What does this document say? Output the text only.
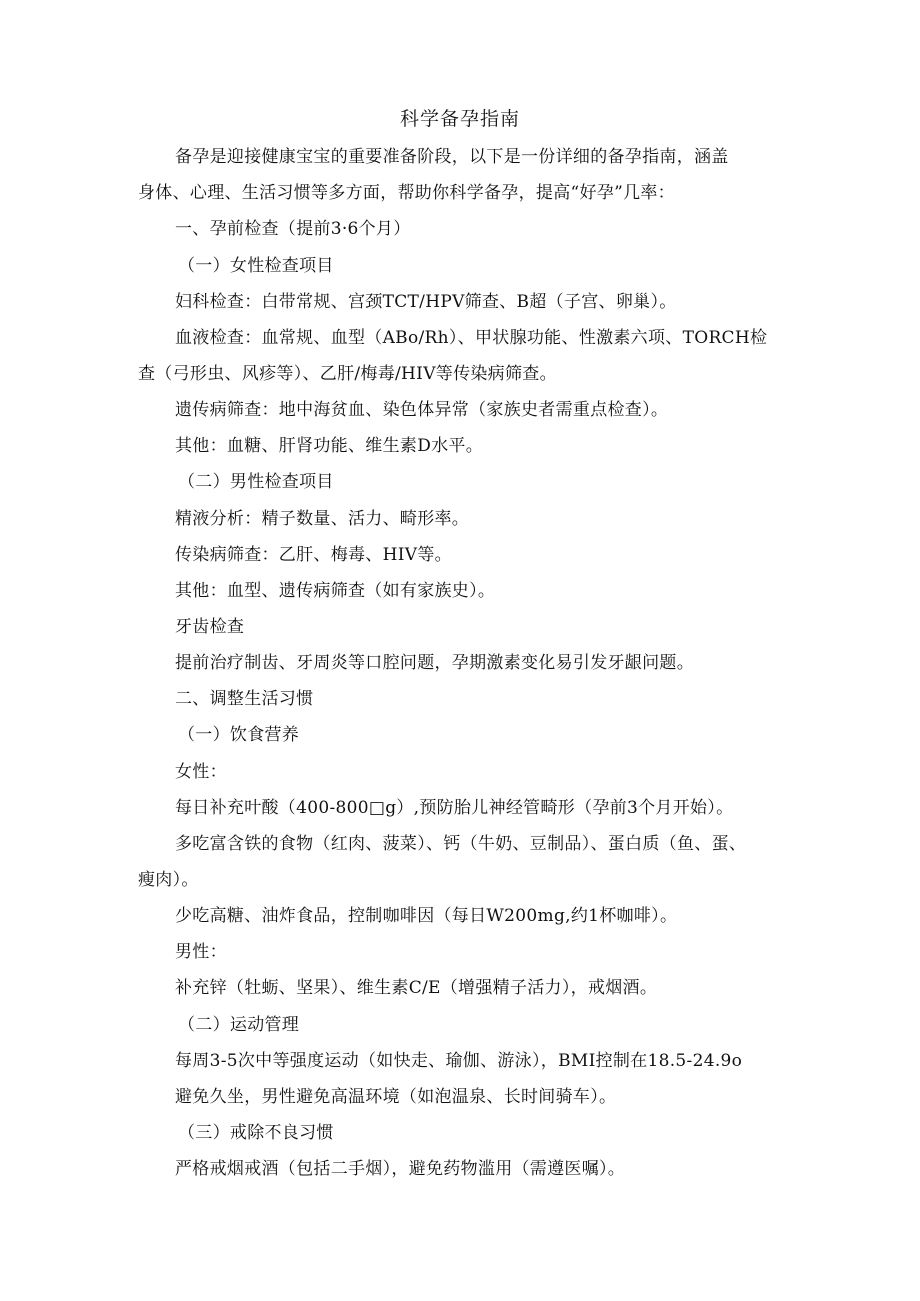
科学备孕指南
备孕是迎接健康宝宝的重要准备阶段，以下是一份详细的备孕指南，涵盖
身体、心理、生活习惯等多方面，帮助你科学备孕，提高“好孕”几率：
一、孕前检查（提前3·6个月）
（一）女性检查项目
妇科检查：白带常规、宫颈TCT/HPV筛查、B超（子宫、卵巢）。
血液检查：血常规、血型（ABo/Rh）、甲状腺功能、性激素六项、TORCH检
查（弓形虫、风疹等）、乙肝/梅毒/HIV等传染病筛查。
遗传病筛查：地中海贫血、染色体异常（家族史者需重点检查）。
其他：血糖、肝肾功能、维生素D水平。
（二）男性检查项目
精液分析：精子数量、活力、畸形率。
传染病筛查：乙肝、梅毒、HIV等。
其他：血型、遗传病筛查（如有家族史）。
牙齿检查
提前治疗制齿、牙周炎等口腔问题，孕期激素变化易引发牙龈问题。
二、调整生活习惯
（一）饮食营养
女性：
每日补充叶酸（400-800□g）,预防胎儿神经管畸形（孕前3个月开始）。
多吃富含铁的食物（红肉、菠菜）、钙（牛奶、豆制品）、蛋白质（鱼、蛋、
瘦肉）。
少吃高糖、油炸食品，控制咖啡因（每日W200mg,约1杯咖啡）。
男性：
补充锌（牡蛎、坚果）、维生素C/E（增强精子活力），戒烟酒。
（二）运动管理
每周3-5次中等强度运动（如快走、瑜伽、游泳），BMI控制在18.5-24.9o
避免久坐，男性避免高温环境（如泡温泉、长时间骑车）。
（三）戒除不良习惯
严格戒烟戒酒（包括二手烟），避免药物滥用（需遵医嘱）。
